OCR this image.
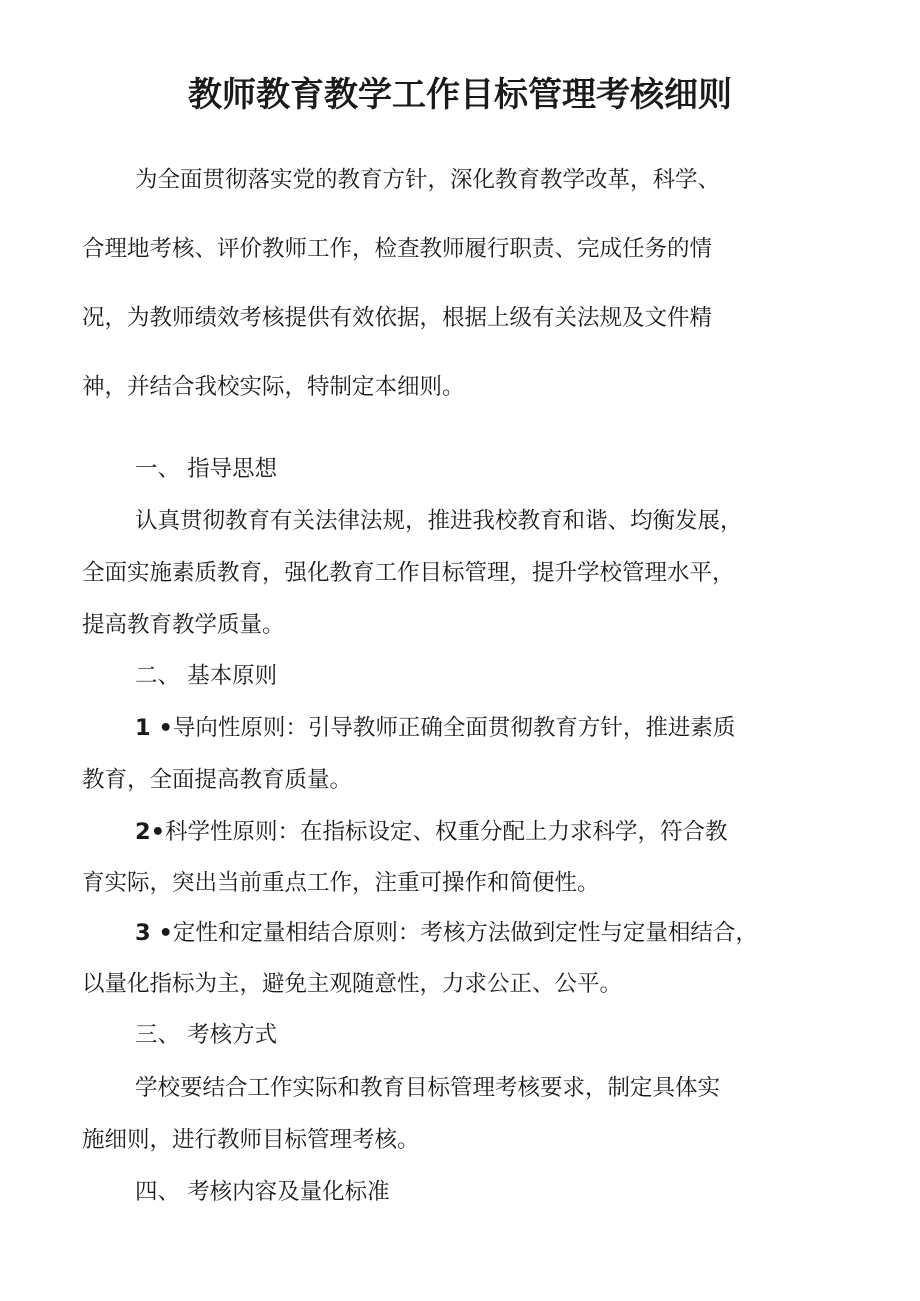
教师教育教学工作目标管理考核细则
为全面贯彻落实党的教育方针，深化教育教学改革，科学、
合理地考核、评价教师工作，检查教师履行职责、完成任务的情
况，为教师绩效考核提供有效依据，根据上级有关法规及文件精
神，并结合我校实际，特制定本细则。
一、 指导思想
认真贯彻教育有关法律法规，推进我校教育和谐、均衡发展，
全面实施素质教育，强化教育工作目标管理，提升学校管理水平，
提高教育教学质量。
二、 基本原则
1 •导向性原则：引导教师正确全面贯彻教育方针，推进素质
教育，全面提高教育质量。
2•科学性原则：在指标设定、权重分配上力求科学，符合教
育实际，突出当前重点工作，注重可操作和简便性。
3 •定性和定量相结合原则：考核方法做到定性与定量相结合，
以量化指标为主，避免主观随意性，力求公正、公平。
三、 考核方式
学校要结合工作实际和教育目标管理考核要求，制定具体实
施细则，进行教师目标管理考核。
四、 考核内容及量化标准
